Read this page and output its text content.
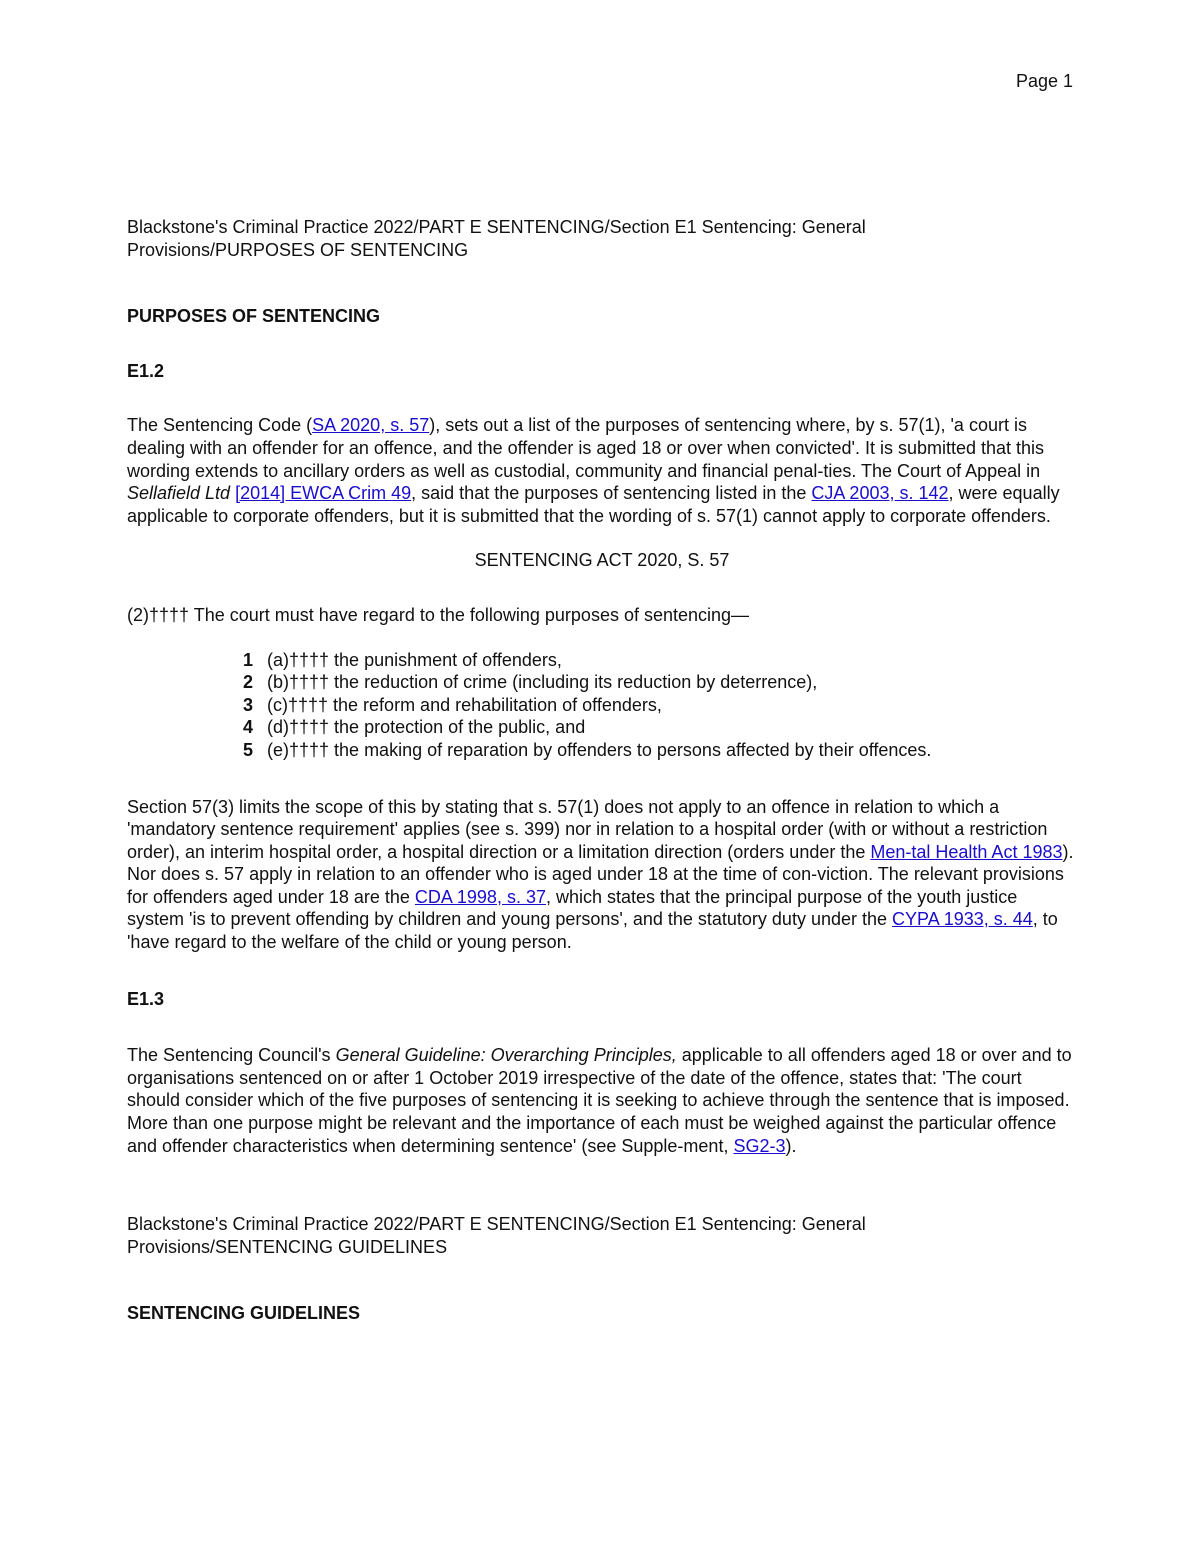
Page 1

Blackstone's Criminal Practice 2022/PART E SENTENCING/Section E1 Sentencing: General Provisions/PURPOSES OF SENTENCING

PURPOSES OF SENTENCING
E1.2

The Sentencing Code (SA 2020, s. 57), sets out a list of the purposes of sentencing where, by s. 57(1), 'a court is dealing with an offender for an offence, and the offender is aged 18 or over when convicted'. It is submitted that this wording extends to ancillary orders as well as custodial, community and financial penal-ties. The Court of Appeal in Sellafield Ltd [2014] EWCA Crim 49, said that the purposes of sentencing listed in the CJA 2003, s. 142, were equally applicable to corporate offenders, but it is submitted that the wording of s. 57(1) cannot apply to corporate offenders.

SENTENCING ACT 2020, S. 57

(2)†††† The court must have regard to the following purposes of sentencing—

1 (a)†††† the punishment of offenders,
2 (b)†††† the reduction of crime (including its reduction by deterrence),
3 (c)†††† the reform and rehabilitation of offenders,
4 (d)†††† the protection of the public, and
5 (e)†††† the making of reparation by offenders to persons affected by their offences.

Section 57(3) limits the scope of this by stating that s. 57(1) does not apply to an offence in relation to which a 'mandatory sentence requirement' applies (see s. 399) nor in relation to a hospital order (with or without a restriction order), an interim hospital order, a hospital direction or a limitation direction (orders under the Men-tal Health Act 1983). Nor does s. 57 apply in relation to an offender who is aged under 18 at the time of con-viction. The relevant provisions for offenders aged under 18 are the CDA 1998, s. 37, which states that the principal purpose of the youth justice system 'is to prevent offending by children and young persons', and the statutory duty under the CYPA 1933, s. 44, to 'have regard to the welfare of the child or young person.

E1.3

The Sentencing Council's General Guideline: Overarching Principles, applicable to all offenders aged 18 or over and to organisations sentenced on or after 1 October 2019 irrespective of the date of the offence, states that: 'The court should consider which of the five purposes of sentencing it is seeking to achieve through the sentence that is imposed. More than one purpose might be relevant and the importance of each must be weighed against the particular offence and offender characteristics when determining sentence' (see Supple-ment, SG2-3).

Blackstone's Criminal Practice 2022/PART E SENTENCING/Section E1 Sentencing: General Provisions/SENTENCING GUIDELINES

SENTENCING GUIDELINES
